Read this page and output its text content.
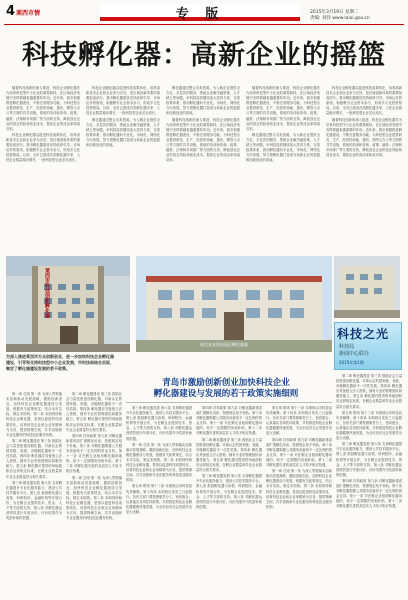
4 莱西市情	专 版	2015年3月19日 星期二
责编: 刘洋 www.laixi.gov.cn
科技孵化器：高新企业的摇篮

随着科技创新的深入推进，科技企业孵化器作为培育科技型中小企业的重要载体，在区域经济发展中发挥着越来越重要的作用。近年来，我市积极推进孵化器建设，不断完善服务功能，为科技型企业提供研发、生产、经营的场地，通讯、网络与办公等方面的共享设施，系统的培训和咨询，政策、融资、法律和市场推广等方面的支持，降低创业企业的创业风险和创业成本，提高企业的成活率和成功率。

科技企业孵化器以促进科技成果转化，培养高新技术企业和企业家为宗旨，是区域创新体系的重要组成部分。我市孵化器建设坚持政府引导、市场运作的原则，积极吸引社会资本参与，形成多元化投资格局。目前，全市已建成各类孵化器多家，入驻企业数量稳步增长，一批科技型企业茁壮成长。

科技企业孵化器以促进科技成果转化，培养高新技术企业和企业家为宗旨，是区域创新体系的重要组成部分。我市孵化器建设坚持政府引导、市场运作的原则，积极吸引社会资本参与，形成多元化投资格局。目前，全市已建成各类孵化器多家，入驻企业数量稳步增长，一批科技型企业茁壮成长。

孵化器通过整合各类资源，为入孵企业提供全方位、多层次的服务，帮助企业解决融资难、人才缺乏等问题。市科技局将继续加大扶持力度，完善政策体系，推动孵化器向专业化、市场化、网络化方向发展，努力把孵化器打造成为高新企业的摇篮和创新创业的高地。

孵化器通过整合各类资源，为入孵企业提供全方位、多层次的服务，帮助企业解决融资难、人才缺乏等问题。市科技局将继续加大扶持力度，完善政策体系，推动孵化器向专业化、市场化、网络化方向发展，努力把孵化器打造成为高新企业的摇篮和创新创业的高地。

随着科技创新的深入推进，科技企业孵化器作为培育科技型中小企业的重要载体，在区域经济发展中发挥着越来越重要的作用。近年来，我市积极推进孵化器建设，不断完善服务功能，为科技型企业提供研发、生产、经营的场地，通讯、网络与办公等方面的共享设施，系统的培训和咨询，政策、融资、法律和市场推广等方面的支持，降低创业企业的创业风险和创业成本，提高企业的成活率和成功率。

随着科技创新的深入推进，科技企业孵化器作为培育科技型中小企业的重要载体，在区域经济发展中发挥着越来越重要的作用。近年来，我市积极推进孵化器建设，不断完善服务功能，为科技型企业提供研发、生产、经营的场地，通讯、网络与办公等方面的共享设施，系统的培训和咨询，政策、融资、法律和市场推广等方面的支持，降低创业企业的创业风险和创业成本，提高企业的成活率和成功率。

孵化器通过整合各类资源，为入孵企业提供全方位、多层次的服务，帮助企业解决融资难、人才缺乏等问题。市科技局将继续加大扶持力度，完善政策体系，推动孵化器向专业化、市场化、网络化方向发展，努力把孵化器打造成为高新企业的摇篮和创新创业的高地。

科技企业孵化器以促进科技成果转化，培养高新技术企业和企业家为宗旨，是区域创新体系的重要组成部分。我市孵化器建设坚持政府引导、市场运作的原则，积极吸引社会资本参与，形成多元化投资格局。目前，全市已建成各类孵化器多家，入驻企业数量稳步增长，一批科技型企业茁壮成长。

随着科技创新的深入推进，科技企业孵化器作为培育科技型中小企业的重要载体，在区域经济发展中发挥着越来越重要的作用。近年来，我市积极推进孵化器建设，不断完善服务功能，为科技型企业提供研发、生产、经营的场地，通讯、网络与办公等方面的共享设施，系统的培训和咨询，政策、融资、法律和市场推广等方面的支持，降低创业企业的创业风险和创业成本，提高企业的成活率和成功率。

莱西市科技创新孵化器
现代农业科技园区孵化基地
科技之光
科技局
新闻中心联办
2015年第1期
为深入推进莱西市万众创新创业，进一步加快科技企业孵化器建设，引导和支持科技型中小企业发展，市科技局结合实际，制定了孵化器建设发展的若干政策。
青岛市激励创新创业加快科技企业
孵化器建设与发展的若干政策实施细则

第一章 总则 第一条 为深入贯彻落实创新驱动发展战略，激励创新创业，加快科技企业孵化器建设与发展，根据有关政策规定，结合本市实际，制定本细则。第二条 本细则所称科技企业孵化器，是指以促进科技成果转化、培育科技企业和企业家精神为宗旨，提供物理空间、共享设施和专业化服务的科技创业服务机构。

第二章 孵化器建设 第三条 鼓励社会力量投资建设孵化器，对新认定的国家级、省级、市级孵化器给予一次性奖励。第四条 孵化器应具备独立法人资格，拥有专业的管理团队和服务能力。第五条 孵化器可提供的场地面积应达到规定标准，在孵企业数量和毕业企业数量符合相关要求。

第三章 孵化器发展 第六条 支持孵化器提升专业化服务能力，建设公共技术服务平台。第七条 鼓励孵化器与高校、科研院所、金融机构等开展合作，为在孵企业提供技术、资金、人才等方面的支持。第八条 对孵化器运营绩效进行年度评价，评价结果作为奖励补助的依据。

第二章 孵化器建设 第三条 鼓励社会力量投资建设孵化器，对新认定的国家级、省级、市级孵化器给予一次性奖励。第四条 孵化器应具备独立法人资格，拥有专业的管理团队和服务能力。第五条 孵化器可提供的场地面积应达到规定标准，在孵企业数量和毕业企业数量符合相关要求。

第四章 扶持政策 第九条 对孵化器新建或改扩建孵化用房，按照规定给予补助。第十条 对孵化器购置公共服务设备给予一定比例的资金支持。第十一条 对在孵企业租用孵化器场地的，给予一定期限的房租补贴。第十二条 对孵化器引进的高层次人才给予相应待遇。

第一章 总则 第一条 为深入贯彻落实创新驱动发展战略，激励创新创业，加快科技企业孵化器建设与发展，根据有关政策规定，结合本市实际，制定本细则。第二条 本细则所称科技企业孵化器，是指以促进科技成果转化、培育科技企业和企业家精神为宗旨，提供物理空间、共享设施和专业化服务的科技创业服务机构。

第三章 孵化器发展 第六条 支持孵化器提升专业化服务能力，建设公共技术服务平台。第七条 鼓励孵化器与高校、科研院所、金融机构等开展合作，为在孵企业提供技术、资金、人才等方面的支持。第八条 对孵化器运营绩效进行年度评价，评价结果作为奖励补助的依据。

第一章 总则 第一条 为深入贯彻落实创新驱动发展战略，激励创新创业，加快科技企业孵化器建设与发展，根据有关政策规定，结合本市实际，制定本细则。第二条 本细则所称科技企业孵化器，是指以促进科技成果转化、培育科技企业和企业家精神为宗旨，提供物理空间、共享设施和专业化服务的科技创业服务机构。

第五章 附则 第十三条 本细则由市科技局负责解释。第十四条 本细则自发布之日起施行。各有关部门要按照职责分工，密切配合，认真落实各项扶持政策，共同推进科技企业孵化器健康快速发展，为全市经济社会发展作出更大贡献。

第四章 扶持政策 第九条 对孵化器新建或改扩建孵化用房，按照规定给予补助。第十条 对孵化器购置公共服务设备给予一定比例的资金支持。第十一条 对在孵企业租用孵化器场地的，给予一定期限的房租补贴。第十二条 对孵化器引进的高层次人才给予相应待遇。

第二章 孵化器建设 第三条 鼓励社会力量投资建设孵化器，对新认定的国家级、省级、市级孵化器给予一次性奖励。第四条 孵化器应具备独立法人资格，拥有专业的管理团队和服务能力。第五条 孵化器可提供的场地面积应达到规定标准，在孵企业数量和毕业企业数量符合相关要求。

第三章 孵化器发展 第六条 支持孵化器提升专业化服务能力，建设公共技术服务平台。第七条 鼓励孵化器与高校、科研院所、金融机构等开展合作，为在孵企业提供技术、资金、人才等方面的支持。第八条 对孵化器运营绩效进行年度评价，评价结果作为奖励补助的依据。

第五章 附则 第十三条 本细则由市科技局负责解释。第十四条 本细则自发布之日起施行。各有关部门要按照职责分工，密切配合，认真落实各项扶持政策，共同推进科技企业孵化器健康快速发展，为全市经济社会发展作出更大贡献。

第四章 扶持政策 第九条 对孵化器新建或改扩建孵化用房，按照规定给予补助。第十条 对孵化器购置公共服务设备给予一定比例的资金支持。第十一条 对在孵企业租用孵化器场地的，给予一定期限的房租补贴。第十二条 对孵化器引进的高层次人才给予相应待遇。

第一章 总则 第一条 为深入贯彻落实创新驱动发展战略，激励创新创业，加快科技企业孵化器建设与发展，根据有关政策规定，结合本市实际，制定本细则。第二条 本细则所称科技企业孵化器，是指以促进科技成果转化、培育科技企业和企业家精神为宗旨，提供物理空间、共享设施和专业化服务的科技创业服务机构。

第二章 孵化器建设 第三条 鼓励社会力量投资建设孵化器，对新认定的国家级、省级、市级孵化器给予一次性奖励。第四条 孵化器应具备独立法人资格，拥有专业的管理团队和服务能力。第五条 孵化器可提供的场地面积应达到规定标准，在孵企业数量和毕业企业数量符合相关要求。

第五章 附则 第十三条 本细则由市科技局负责解释。第十四条 本细则自发布之日起施行。各有关部门要按照职责分工，密切配合，认真落实各项扶持政策，共同推进科技企业孵化器健康快速发展，为全市经济社会发展作出更大贡献。

第三章 孵化器发展 第六条 支持孵化器提升专业化服务能力，建设公共技术服务平台。第七条 鼓励孵化器与高校、科研院所、金融机构等开展合作，为在孵企业提供技术、资金、人才等方面的支持。第八条 对孵化器运营绩效进行年度评价，评价结果作为奖励补助的依据。

第四章 扶持政策 第九条 对孵化器新建或改扩建孵化用房，按照规定给予补助。第十条 对孵化器购置公共服务设备给予一定比例的资金支持。第十一条 对在孵企业租用孵化器场地的，给予一定期限的房租补贴。第十二条 对孵化器引进的高层次人才给予相应待遇。
